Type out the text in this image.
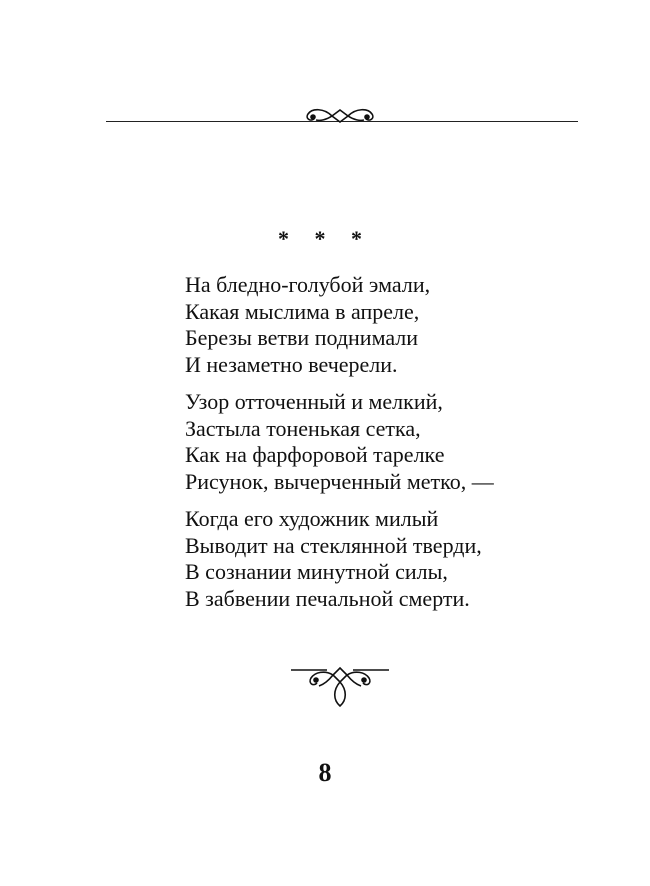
* * *
На бледно-голубой эмали,
Какая мыслима в апреле,
Березы ветви поднимали
И незаметно вечерели.
Узор отточенный и мелкий,
Застыла тоненькая сетка,
Как на фарфоровой тарелке
Рисунок, вычерченный метко, —
Когда его художник милый
Выводит на стеклянной тверди,
В сознании минутной силы,
В забвении печальной смерти.
8
